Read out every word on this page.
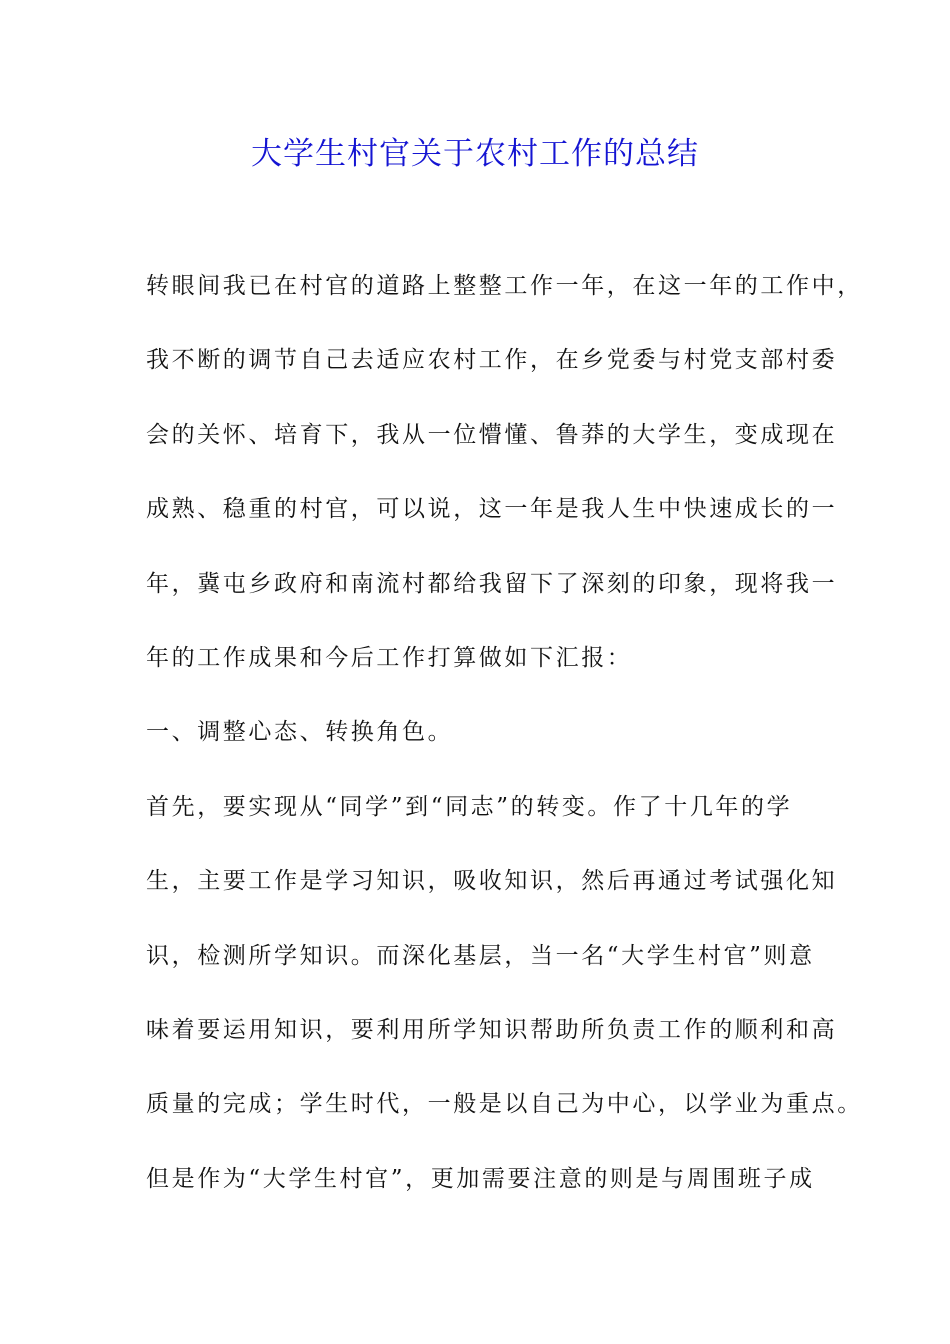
大学生村官关于农村工作的总结
转眼间我已在村官的道路上整整工作一年，在这一年的工作中，
我不断的调节自己去适应农村工作，在乡党委与村党支部村委
会的关怀、培育下，我从一位懵懂、鲁莽的大学生，变成现在
成熟、稳重的村官，可以说，这一年是我人生中快速成长的一
年，冀屯乡政府和南流村都给我留下了深刻的印象，现将我一
年的工作成果和今后工作打算做如下汇报：
一、调整心态、转换角色。
首先，要实现从“同学”到“同志”的转变。作了十几年的学
生，主要工作是学习知识，吸收知识，然后再通过考试强化知
识，检测所学知识。而深化基层，当一名“大学生村官”则意
味着要运用知识，要利用所学知识帮助所负责工作的顺利和高
质量的完成；学生时代，一般是以自己为中心，以学业为重点。
但是作为“大学生村官”，更加需要注意的则是与周围班子成
